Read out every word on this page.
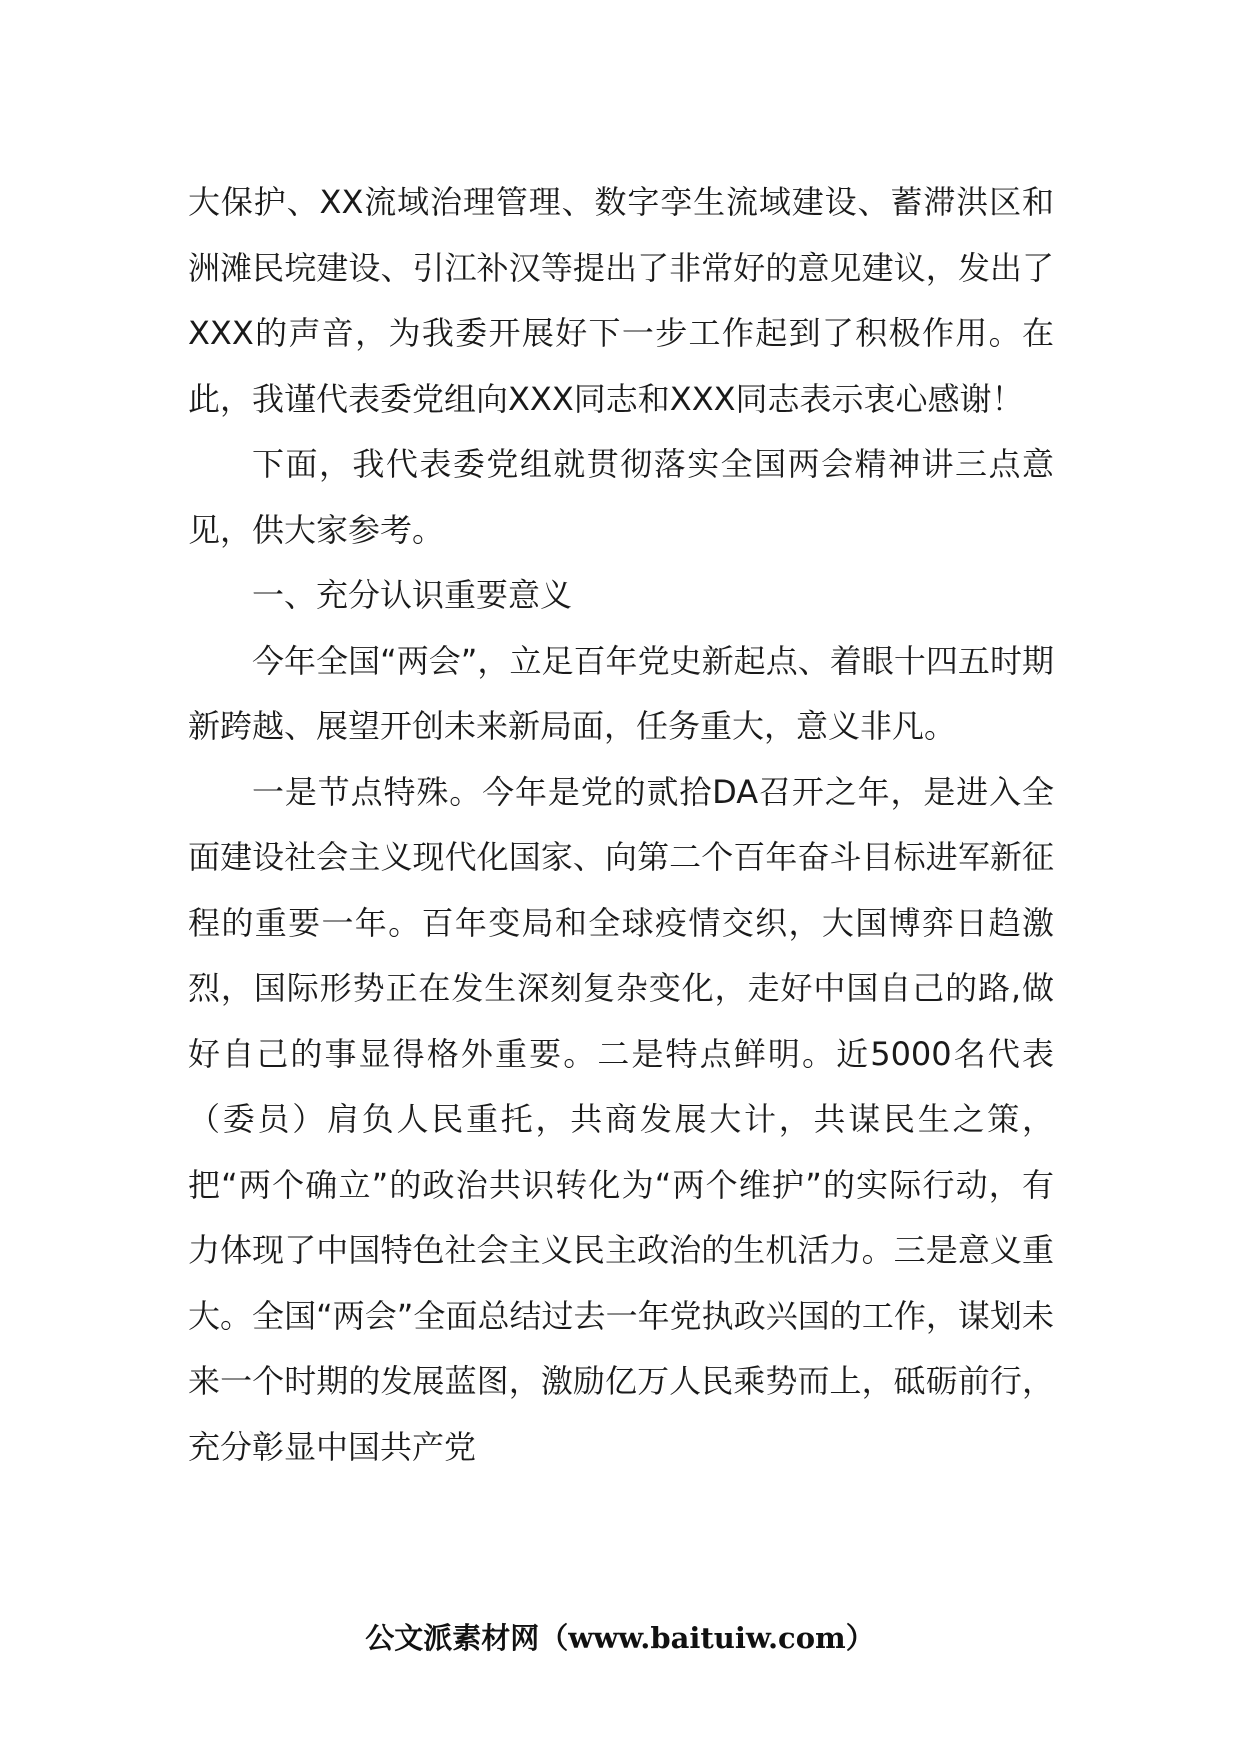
大保护、XX流域治理管理、数字孪生流域建设、蓄滞洪区和洲滩民垸建设、引江补汉等提出了非常好的意见建议，发出了XXX的声音，为我委开展好下一步工作起到了积极作用。在此，我谨代表委党组向XXX同志和XXX同志表示衷心感谢！

下面，我代表委党组就贯彻落实全国两会精神讲三点意见，供大家参考。

一、充分认识重要意义

今年全国“两会”，立足百年党史新起点、着眼十四五时期新跨越、展望开创未来新局面，任务重大，意义非凡。

一是节点特殊。今年是党的贰拾DA召开之年，是进入全面建设社会主义现代化国家、向第二个百年奋斗目标进军新征程的重要一年。百年变局和全球疫情交织，大国博弈日趋激烈，国际形势正在发生深刻复杂变化，走好中国自己的路,做好自己的事显得格外重要。二是特点鲜明。近5000名代表（委员）肩负人民重托，共商发展大计，共谋民生之策，把“两个确立”的政治共识转化为“两个维护”的实际行动，有力体现了中国特色社会主义民主政治的生机活力。三是意义重大。全国“两会”全面总结过去一年党执政兴国的工作，谋划未来一个时期的发展蓝图，激励亿万人民乘势而上，砥砺前行，充分彰显中国共产党

公文派素材网（www.baituiw.com）
